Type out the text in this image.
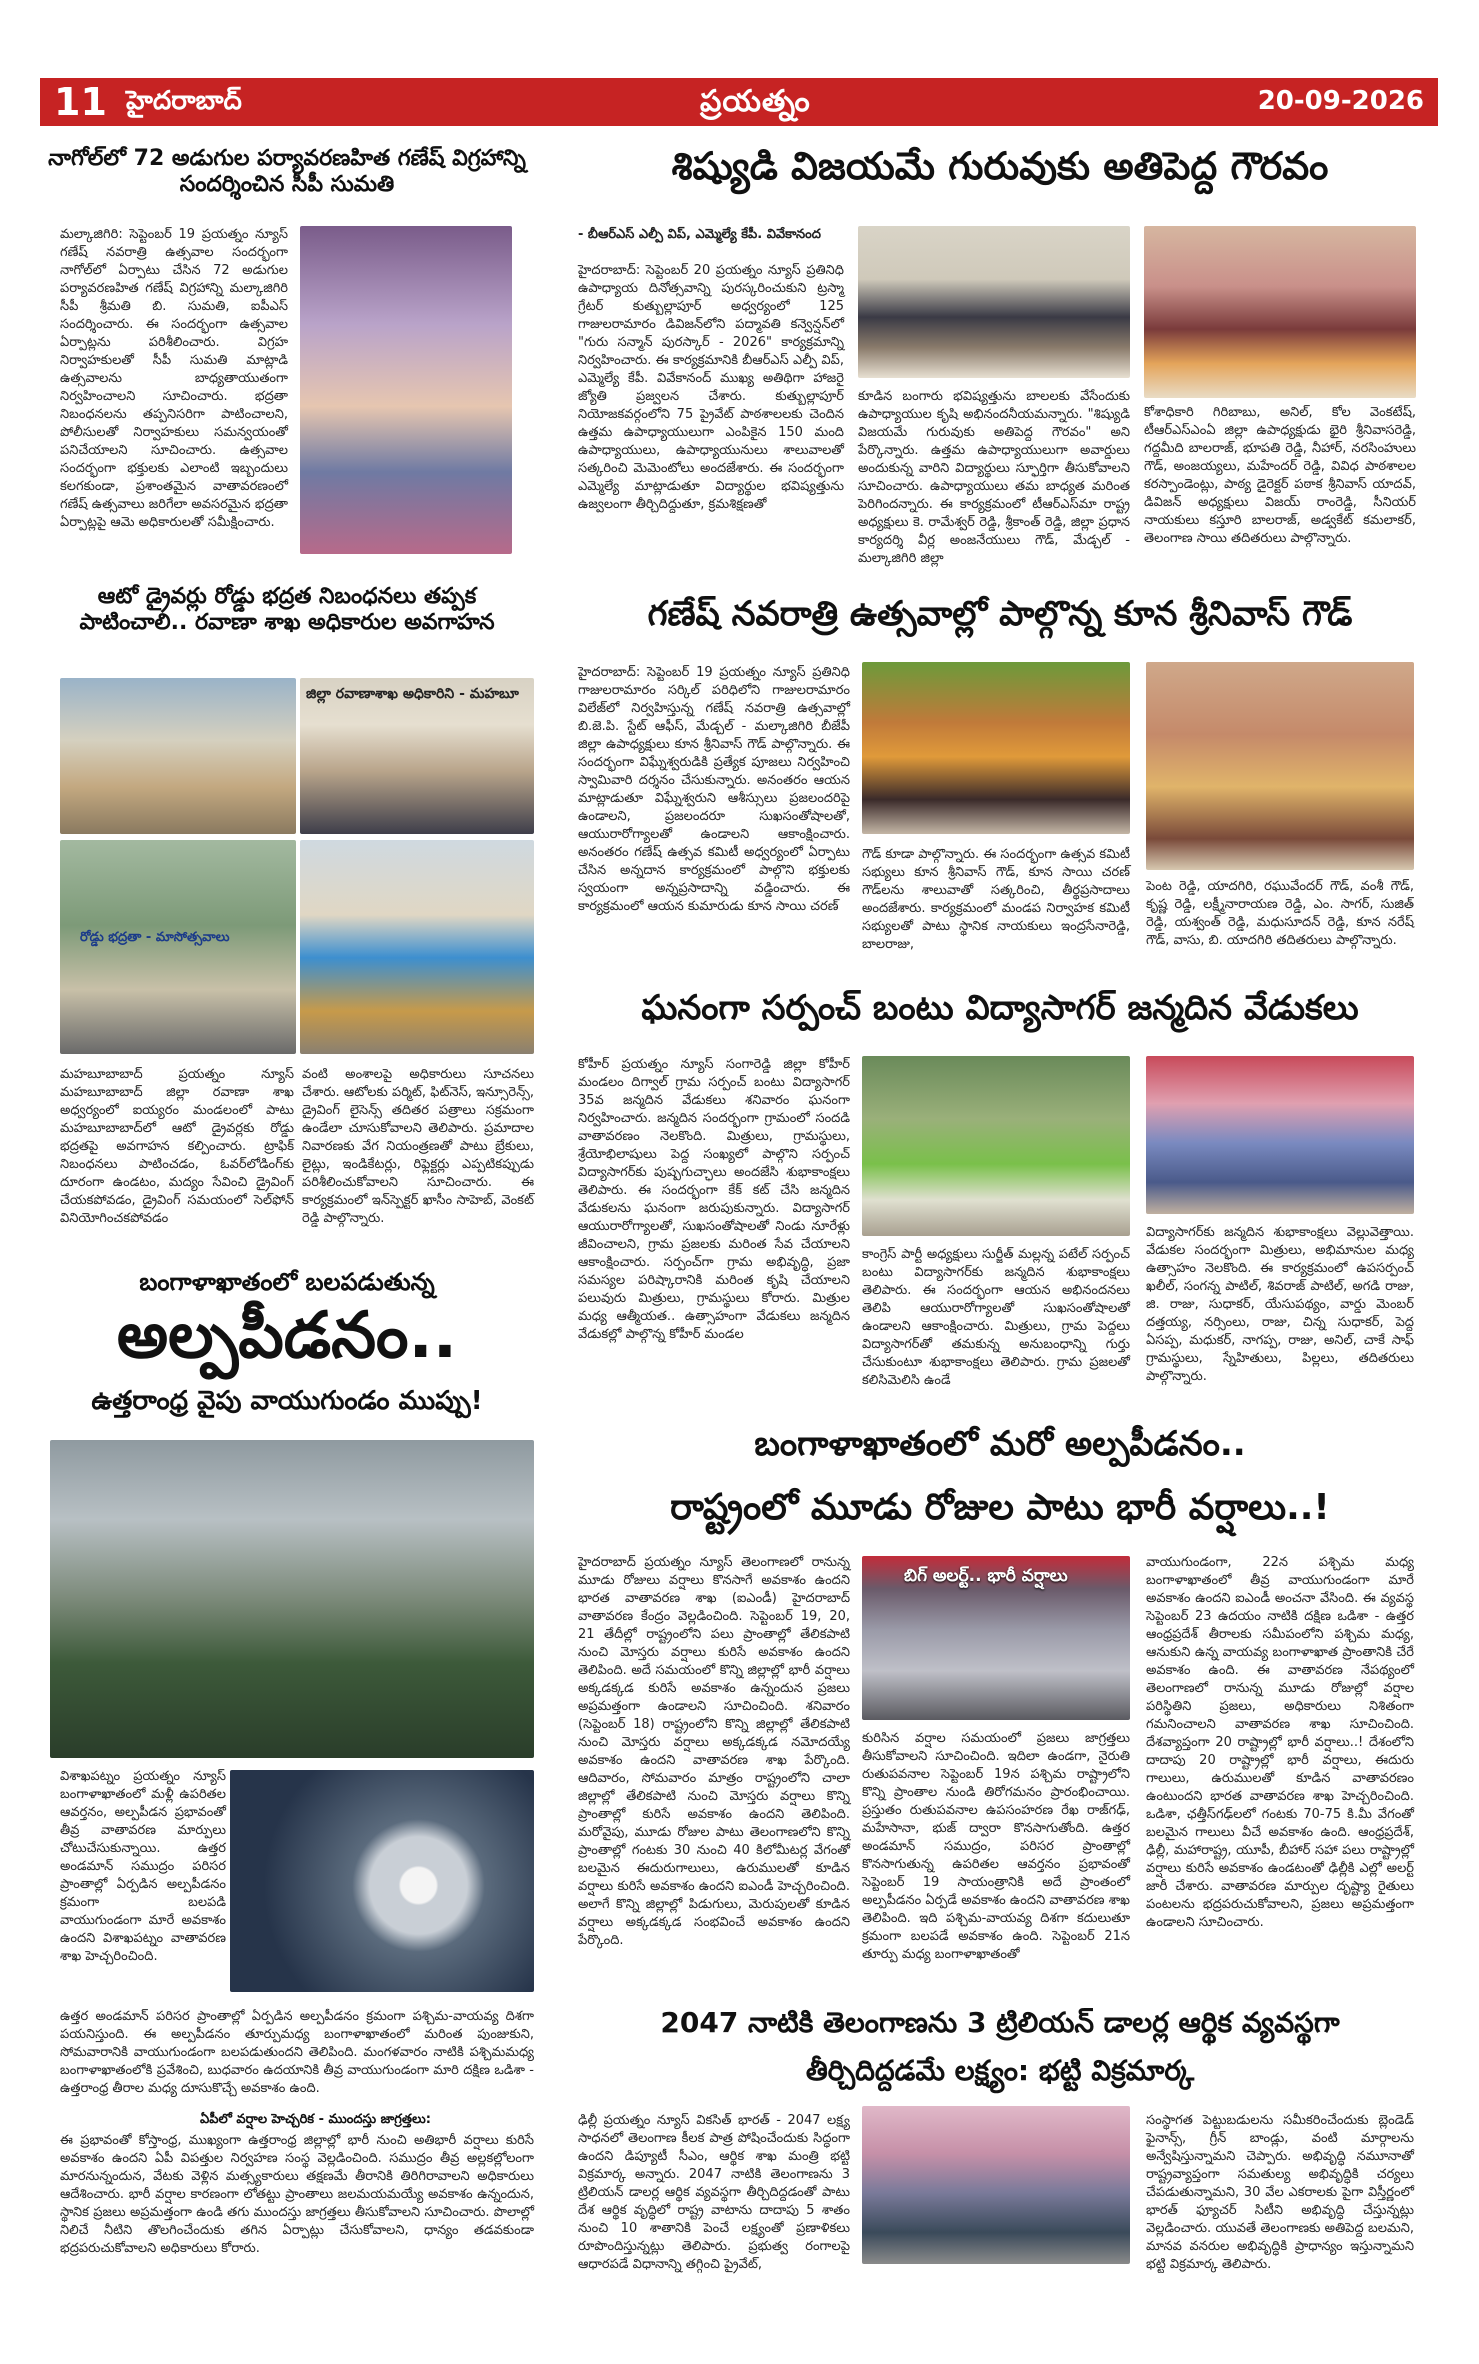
11 హైదరాబాద్	ప్రయత్నం	20-09-2026
నాగోల్‌లో 72 అడుగుల పర్యావరణహిత గణేష్ విగ్రహాన్ని సందర్శించిన సీపీ సుమతి
మల్కాజిగిరి: సెప్టెంబర్ 19 ప్రయత్నం న్యూస్ గణేష్ నవరాత్రి ఉత్సవాల సందర్భంగా నాగోల్‌లో ఏర్పాటు చేసిన 72 అడుగుల పర్యావరణహిత గణేష్ విగ్రహాన్ని మల్కాజిగిరి సీపీ శ్రీమతి బి. సుమతి, ఐపీఎస్ సందర్శించారు. ఈ సందర్భంగా ఉత్సవాల ఏర్పాట్లను పరిశీలించారు. విగ్రహ నిర్వాహకులతో సీపీ సుమతి మాట్లాడి ఉత్సవాలను బాధ్యతాయుతంగా నిర్వహించాలని సూచించారు. భద్రతా నిబంధనలను తప్పనిసరిగా పాటించాలని, పోలీసులతో నిర్వాహకులు సమన్వయంతో పనిచేయాలని సూచించారు. ఉత్సవాల సందర్భంగా భక్తులకు ఎలాంటి ఇబ్బందులు కలగకుండా, ప్రశాంతమైన వాతావరణంలో గణేష్ ఉత్సవాలు జరిగేలా అవసరమైన భద్రతా ఏర్పాట్లపై ఆమె అధికారులతో సమీక్షించారు.
శిష్యుడి విజయమే గురువుకు అతిపెద్ద గౌరవం
- బీఆర్ఎస్ ఎల్పీ విప్, ఎమ్మెల్యే కేపీ. వివేకానంద
హైదరాబాద్: సెప్టెంబర్ 20 ప్రయత్నం న్యూస్ ప్రతినిధి ఉపాధ్యాయ దినోత్సవాన్ని పురస్కరించుకుని ట్రస్మా గ్రేటర్ కుత్బుల్లాపూర్ అధ్వర్యంలో 125 గాజులరామారం డివిజన్‌లోని పద్మావతి కన్వెన్షన్‌లో "గురు సన్మాన్ పురస్కార్ - 2026" కార్యక్రమాన్ని నిర్వహించారు. ఈ కార్యక్రమానికి బీఆర్ఎస్ ఎల్పీ విప్, ఎమ్మెల్యే కేపీ. వివేకానంద్ ముఖ్య అతిథిగా హాజరై జ్యోతి ప్రజ్వలన చేశారు. కుత్బుల్లాపూర్ నియోజకవర్గంలోని 75 ప్రైవేట్ పాఠశాలలకు చెందిన ఉత్తమ ఉపాధ్యాయులుగా ఎంపికైన 150 మంది ఉపాధ్యాయులు, ఉపాధ్యాయునులు శాలువాలతో సత్కరించి మెమెంటోలు అందజేశారు. ఈ సందర్భంగా ఎమ్మెల్యే మాట్లాడుతూ విద్యార్థుల భవిష్యత్తును ఉజ్వలంగా తీర్చిదిద్దుతూ, క్రమశిక్షణతో
కూడిన బంగారు భవిష్యత్తును బాలలకు వేసేందుకు ఉపాధ్యాయుల కృషి అభినందనీయమన్నారు. "శిష్యుడి విజయమే గురువుకు అతిపెద్ద గౌరవం" అని పేర్కొన్నారు. ఉత్తమ ఉపాధ్యాయులుగా అవార్డులు అందుకున్న వారిని విద్యార్థులు స్ఫూర్తిగా తీసుకోవాలని సూచించారు. ఉపాధ్యాయులు తమ బాధ్యత మరింత పెరిగిందన్నారు. ఈ కార్యక్రమంలో టీఆర్‌ఎస్‌మా రాష్ట్ర అధ్యక్షులు కె. రామేశ్వర్ రెడ్డి, శ్రీకాంత్ రెడ్డి, జిల్లా ప్రధాన కార్యదర్శి వీర్ల అంజనేయులు గౌడ్, మేడ్చల్ - మల్కాజిగిరి జిల్లా
కోశాధికారి గిరిబాబు, అనిల్, కోల వెంకటేష్, టీఆర్‌ఎస్‌ఎంఏ జిల్లా ఉపాధ్యక్షుడు భైరి శ్రీనివాసరెడ్డి, గద్దమీది బాలరాజ్, భూపతి రెడ్డి, నీహార్, నరసింహులు గౌడ్, అంజయ్యలు, మహేందర్ రెడ్డి, వివిధ పాఠశాలల కరస్పాండెంట్లు, పాఠ్య డైరెక్టర్ పఠాక శ్రీనివాస్ యాదవ్, డివిజన్ అధ్యక్షులు విజయ్ రాంరెడ్డి, సీనియర్ నాయకులు కస్తూరి బాలరాజ్, అడ్వకేట్ కమలాకర్, తెలంగాణ సాయి తదితరులు పాల్గొన్నారు.
ఆటో డ్రైవర్లు రోడ్డు భద్రత నిబంధనలు తప్పక పాటించాలి.. రవాణా శాఖ అధికారుల అవగాహన
జిల్లా రవాణాశాఖ అధికారిని - మహబూ
రోడ్డు భద్రతా - మాసోత్సవాలు
మహబూబాబాద్ ప్రయత్నం న్యూస్ మహబూబాబాద్ జిల్లా రవాణా శాఖ అధ్వర్యంలో ఐయ్యరం మండలంలో పాటు మహబూబాబాద్‌లో ఆటో డ్రైవర్లకు రోడ్డు భద్రతపై అవగాహన కల్పించారు. ట్రాఫిక్ నిబంధనలు పాటించడం, ఓవర్‌లోడింగ్‌కు దూరంగా ఉండటం, మద్యం సేవించి డ్రైవింగ్ చేయకపోవడం, డ్రైవింగ్ సమయంలో సెల్‌ఫోన్ వినియోగించకపోవడం
వంటి అంశాలపై అధికారులు సూచనలు చేశారు. ఆటోలకు పర్మిట్, ఫిట్‌నెస్, ఇన్సూరెన్స్, డ్రైవింగ్ లైసెన్స్ తదితర పత్రాలు సక్రమంగా ఉండేలా చూసుకోవాలని తెలిపారు. ప్రమాదాల నివారణకు వేగ నియంత్రణతో పాటు బ్రేకులు, లైట్లు, ఇండికేటర్లు, రిఫ్లెక్టర్లు ఎప్పటికప్పుడు పరిశీలించుకోవాలని సూచించారు. ఈ కార్యక్రమంలో ఇన్‌స్పెక్టర్ ఖాసీం సాహెబ్, వెంకట్ రెడ్డి పాల్గొన్నారు.
గణేష్ నవరాత్రి ఉత్సవాల్లో పాల్గొన్న కూన శ్రీనివాస్ గౌడ్
హైదరాబాద్: సెప్టెంబర్ 19 ప్రయత్నం న్యూస్ ప్రతినిధి గాజులరామారం సర్కిల్ పరిధిలోని గాజులరామారం విలేజ్‌లో నిర్వహిస్తున్న గణేష్ నవరాత్రి ఉత్సవాల్లో బి.జె.పి. స్టేట్ ఆఫీస్, మేడ్చల్ - మల్కాజిగిరి బీజేపీ జిల్లా ఉపాధ్యక్షులు కూన శ్రీనివాస్ గౌడ్ పాల్గొన్నారు. ఈ సందర్భంగా విఘ్నేశ్వరుడికి ప్రత్యేక పూజలు నిర్వహించి స్వామివారి దర్శనం చేసుకున్నారు. అనంతరం ఆయన మాట్లాడుతూ విఘ్నేశ్వరుని ఆశీస్సులు ప్రజలందరిపై ఉండాలని, ప్రజలందరూ సుఖసంతోషాలతో, ఆయురారోగ్యాలతో ఉండాలని ఆకాంక్షించారు. అనంతరం గణేష్ ఉత్సవ కమిటీ అధ్వర్యంలో ఏర్పాటు చేసిన అన్నదాన కార్యక్రమంలో పాల్గొని భక్తులకు స్వయంగా అన్నప్రసాదాన్ని వడ్డించారు. ఈ కార్యక్రమంలో ఆయన కుమారుడు కూన సాయి చరణ్
గౌడ్ కూడా పాల్గొన్నారు. ఈ సందర్భంగా ఉత్సవ కమిటీ సభ్యులు కూన శ్రీనివాస్ గౌడ్, కూన సాయి చరణ్ గౌడ్‌లను శాలువాతో సత్కరించి, తీర్థప్రసాదాలు అందజేశారు. కార్యక్రమంలో మండప నిర్వాహక కమిటీ సభ్యులతో పాటు స్థానిక నాయకులు ఇంద్రసేనారెడ్డి, బాలరాజు,
పెంట రెడ్డి, యాదగిరి, రఘువేందర్ గౌడ్, వంశీ గౌడ్, కృష్ణ రెడ్డి, లక్ష్మీనారాయణ రెడ్డి, ఎం. సాగర్, సుజిత్ రెడ్డి, యశ్వంత్ రెడ్డి, మధుసూదన్ రెడ్డి, కూన నరేష్ గౌడ్, వాసు, బి. యాదగిరి తదితరులు పాల్గొన్నారు.
ఘనంగా సర్పంచ్ బంటు విద్యాసాగర్ జన్మదిన వేడుకలు
కోహీర్ ప్రయత్నం న్యూస్ సంగారెడ్డి జిల్లా కోహీర్ మండలం దిగ్వాల్ గ్రామ సర్పంచ్ బంటు విద్యాసాగర్ 35వ జన్మదిన వేడుకలు శనివారం ఘనంగా నిర్వహించారు. జన్మదిన సందర్భంగా గ్రామంలో సందడి వాతావరణం నెలకొంది. మిత్రులు, గ్రామస్థులు, శ్రేయోభిలాషులు పెద్ద సంఖ్యలో పాల్గొని సర్పంచ్ విద్యాసాగర్‌కు పుష్పగుచ్ఛాలు అందజేసి శుభాకాంక్షలు తెలిపారు. ఈ సందర్భంగా కేక్ కట్ చేసి జన్మదిన వేడుకలను ఘనంగా జరుపుకున్నారు. విద్యాసాగర్ ఆయురారోగ్యాలతో, సుఖసంతోషాలతో నిండు నూరేళ్లు జీవించాలని, గ్రామ ప్రజలకు మరింత సేవ చేయాలని ఆకాంక్షించారు. సర్పంచ్‌గా గ్రామ అభివృద్ధి, ప్రజా సమస్యల పరిష్కారానికి మరింత కృషి చేయాలని పలువురు మిత్రులు, గ్రామస్థులు కోరారు. మిత్రుల మధ్య ఆత్మీయత.. ఉత్సాహంగా వేడుకలు జన్మదిన వేడుకల్లో పాల్గొన్న కోహీర్ మండల
కాంగ్రెస్ పార్టీ అధ్యక్షులు సుర్జీత్ మల్లన్న పటేల్ సర్పంచ్ బంటు విద్యాసాగర్‌కు జన్మదిన శుభాకాంక్షలు తెలిపారు. ఈ సందర్భంగా ఆయన అభినందనలు తెలిపి ఆయురారోగ్యాలతో సుఖసంతోషాలతో ఉండాలని ఆకాంక్షించారు. మిత్రులు, గ్రామ పెద్దలు విద్యాసాగర్‌తో తమకున్న అనుబంధాన్ని గుర్తు చేసుకుంటూ శుభాకాంక్షలు తెలిపారు. గ్రామ ప్రజలతో కలిసిమెలిసి ఉండే
విద్యాసాగర్‌కు జన్మదిన శుభాకాంక్షలు వెల్లువెత్తాయి. వేడుకల సందర్భంగా మిత్రులు, అభిమానుల మధ్య ఉత్సాహం నెలకొంది. ఈ కార్యక్రమంలో ఉపసర్పంచ్ ఖలీల్, సంగన్న పాటిల్, శివరాజ్ పాటిల్, అగడి రాజు, జి. రాజు, సుధాకర్, యేసుపథ్యం, వార్డు మెంబర్ దత్తయ్య, నర్సింలు, రాజు, చిన్న సుధాకర్, పెద్ద ఏసప్ప, మధుకర్, నాగప్ప, రాజు, అనిల్, చాకే సాఫ్ గ్రామస్థులు, స్నేహితులు, పిల్లలు, తదితరులు పాల్గొన్నారు.
బంగాళాఖాతంలో బలపడుతున్న
అల్పపీడనం..
ఉత్తరాంధ్ర వైపు వాయుగుండం ముప్పు!
విశాఖపట్నం ప్రయత్నం న్యూస్ బంగాళాఖాతంలో మళ్లీ ఉపరితల ఆవర్తనం, అల్పపీడన ప్రభావంతో తీవ్ర వాతావరణ మార్పులు చోటుచేసుకున్నాయి. ఉత్తర అండమాన్ సముద్రం పరిసర ప్రాంతాల్లో ఏర్పడిన అల్పపీడనం క్రమంగా బలపడి వాయుగుండంగా మారే అవకాశం ఉందని విశాఖపట్నం వాతావరణ శాఖ హెచ్చరించింది.
ఉత్తర అండమాన్ పరిసర ప్రాంతాల్లో ఏర్పడిన అల్పపీడనం క్రమంగా పశ్చిమ-వాయవ్య దిశగా పయనిస్తుంది. ఈ అల్పపీడనం తూర్పుమధ్య బంగాళాఖాతంలో మరింత పుంజుకుని, సోమవారానికి వాయుగుండంగా బలపడుతుందని తెలిపింది. మంగళవారం నాటికి పశ్చిమమధ్య బంగాళాఖాతంలోకి ప్రవేశించి, బుధవారం ఉదయానికి తీవ్ర వాయుగుండంగా మారి దక్షిణ ఒడిశా - ఉత్తరాంధ్ర తీరాల మధ్య దూసుకొచ్చే అవకాశం ఉంది.
ఏపీలో వర్షాల హెచ్చరిక - ముందస్తు జాగ్రత్తలు:
ఈ ప్రభావంతో కోస్తాంధ్ర, ముఖ్యంగా ఉత్తరాంధ్ర జిల్లాల్లో భారీ నుంచి అతిభారీ వర్షాలు కురిసే అవకాశం ఉందని ఏపీ విపత్తుల నిర్వహణ సంస్థ వెల్లడించింది. సముద్రం తీవ్ర అల్లకల్లోలంగా మారనున్నందున, వేటకు వెళ్లిన మత్స్యకారులు తక్షణమే తీరానికి తిరిగిరావాలని అధికారులు ఆదేశించారు. భారీ వర్షాల కారణంగా లోతట్టు ప్రాంతాలు జలమయమయ్యే అవకాశం ఉన్నందున, స్థానిక ప్రజలు అప్రమత్తంగా ఉండి తగు ముందస్తు జాగ్రత్తలు తీసుకోవాలని సూచించారు. పొలాల్లో నిలిచే నీటిని తొలగించేందుకు తగిన ఏర్పాట్లు చేసుకోవాలని, ధాన్యం తడవకుండా భద్రపరుచుకోవాలని అధికారులు కోరారు.
బంగాళాఖాతంలో మరో అల్పపీడనం..
రాష్ట్రంలో మూడు రోజుల పాటు భారీ వర్షాలు..!
హైదరాబాద్ ప్రయత్నం న్యూస్ తెలంగాణలో రానున్న మూడు రోజులు వర్షాలు కొనసాగే అవకాశం ఉందని భారత వాతావరణ శాఖ (ఐఎండీ) హైదరాబాద్ వాతావరణ కేంద్రం వెల్లడించింది. సెప్టెంబర్ 19, 20, 21 తేదీల్లో రాష్ట్రంలోని పలు ప్రాంతాల్లో తేలికపాటి నుంచి మోస్తరు వర్షాలు కురిసే అవకాశం ఉందని తెలిపింది. అదే సమయంలో కొన్ని జిల్లాల్లో భారీ వర్షాలు అక్కడక్కడ కురిసే అవకాశం ఉన్నందున ప్రజలు అప్రమత్తంగా ఉండాలని సూచించింది. శనివారం (సెప్టెంబర్ 18) రాష్ట్రంలోని కొన్ని జిల్లాల్లో తేలికపాటి నుంచి మోస్తరు వర్షాలు అక్కడక్కడ నమోదయ్యే అవకాశం ఉందని వాతావరణ శాఖ పేర్కొంది. ఆదివారం, సోమవారం మాత్రం రాష్ట్రంలోని చాలా జిల్లాల్లో తేలికపాటి నుంచి మోస్తరు వర్షాలు కొన్ని ప్రాంతాల్లో కురిసే అవకాశం ఉందని తెలిపింది. మరోవైపు, మూడు రోజుల పాటు తెలంగాణలోని కొన్ని ప్రాంతాల్లో గంటకు 30 నుంచి 40 కిలోమీటర్ల వేగంతో బలమైన ఈదురుగాలులు, ఉరుములతో కూడిన వర్షాలు కురిసే అవకాశం ఉందని ఐఎండీ హెచ్చరించింది. అలాగే కొన్ని జిల్లాల్లో పిడుగులు, మెరుపులతో కూడిన వర్షాలు అక్కడక్కడ సంభవించే అవకాశం ఉందని పేర్కొంది.
బిగ్ అలర్ట్.. భారీ వర్షాలు
కురిసిన వర్షాల సమయంలో ప్రజలు జాగ్రత్తలు తీసుకోవాలని సూచించింది. ఇదిలా ఉండగా, నైరుతి రుతుపవనాల సెప్టెంబర్ 19న పశ్చిమ రాష్ట్రాలోని కొన్ని ప్రాంతాల నుండి తిరోగమనం ప్రారంభించాయి. ప్రస్తుతం రుతుపవనాల ఉపసంహరణ రేఖ రాజ్‌గఢ్, మహేసానా, భుజ్‌ ద్వారా కొనసాగుతోంది. ఉత్తర అండమాన్ సముద్రం, పరిసర ప్రాంతాల్లో కొనసాగుతున్న ఉపరితల ఆవర్తనం ప్రభావంతో సెప్టెంబర్ 19 సాయంత్రానికి అదే ప్రాంతంలో అల్పపీడనం ఏర్పడే అవకాశం ఉందని వాతావరణ శాఖ తెలిపింది. ఇది పశ్చిమ-వాయవ్య దిశగా కదులుతూ క్రమంగా బలపడే అవకాశం ఉంది. సెప్టెంబర్ 21న తూర్పు మధ్య బంగాళాఖాతంతో
వాయుగుండంగా, 22న పశ్చిమ మధ్య బంగాళాఖాతంలో తీవ్ర వాయుగుండంగా మారే అవకాశం ఉందని ఐఎండీ అంచనా వేసింది. ఈ వ్యవస్థ సెప్టెంబర్ 23 ఉదయం నాటికి దక్షిణ ఒడిశా - ఉత్తర ఆంధ్రప్రదేశ్ తీరాలకు సమీపంలోని పశ్చిమ మధ్య, ఆనుకుని ఉన్న వాయవ్య బంగాళాఖాత ప్రాంతానికి చేరే అవకాశం ఉంది. ఈ వాతావరణ నేపథ్యంలో తెలంగాణలో రానున్న మూడు రోజుల్లో వర్షాల పరిస్థితిని ప్రజలు, అధికారులు నిశితంగా గమనించాలని వాతావరణ శాఖ సూచించింది. దేశవ్యాప్తంగా 20 రాష్ట్రాల్లో భారీ వర్షాలు..! దేశంలోని దాదాపు 20 రాష్ట్రాల్లో భారీ వర్షాలు, ఈదురు గాలులు, ఉరుములతో కూడిన వాతావరణం ఉంటుందని భారత వాతావరణ శాఖ హెచ్చరించింది. ఒడిశా, ఛత్తీస్‌గఢ్‌లలో గంటకు 70-75 కి.మీ వేగంతో బలమైన గాలులు వీచే అవకాశం ఉంది. ఆంధ్రప్రదేశ్, ఢిల్లీ, మహారాష్ట్ర, యూపీ, బీహార్ సహా పలు రాష్ట్రాల్లో వర్షాలు కురిసే అవకాశం ఉండటంతో ఢిల్లీకి ఎల్లో అలర్ట్ జారీ చేశారు. వాతావరణ మార్పుల దృష్ట్యా రైతులు పంటలను భద్రపరుచుకోవాలని, ప్రజలు అప్రమత్తంగా ఉండాలని సూచించారు.
2047 నాటికి తెలంగాణను 3 ట్రిలియన్ డాలర్ల ఆర్థిక వ్యవస్థగా
తీర్చిదిద్దడమే లక్ష్యం: భట్టి విక్రమార్క
ఢిల్లీ ప్రయత్నం న్యూస్ వికసిత్ భారత్ - 2047 లక్ష్య సాధనలో తెలంగాణ కీలక పాత్ర పోషించేందుకు సిద్ధంగా ఉందని డిప్యూటీ సీఎం, ఆర్థిక శాఖ మంత్రి భట్టి విక్రమార్క అన్నారు. 2047 నాటికి తెలంగాణను 3 ట్రిలియన్ డాలర్ల ఆర్థిక వ్యవస్థగా తీర్చిదిద్దడంతో పాటు దేశ ఆర్థిక వృద్ధిలో రాష్ట్ర వాటాను దాదాపు 5 శాతం నుంచి 10 శాతానికి పెంచే లక్ష్యంతో ప్రణాళికలు రూపొందిస్తున్నట్లు తెలిపారు. ప్రభుత్వ రంగాలపై ఆధారపడే విధానాన్ని తగ్గించి ప్రైవేట్,
సంస్థాగత పెట్టుబడులను సమీకరించేందుకు బ్లెండెడ్ ఫైనాన్స్, గ్రీన్ బాండ్లు, వంటి మార్గాలను అన్వేషిస్తున్నామని చెప్పారు. అభివృద్ధి నమూనాతో రాష్ట్రవ్యాప్తంగా సమతుల్య అభివృద్ధికి చర్యలు చేపడుతున్నామని, 30 వేల ఎకరాలకు పైగా విస్తీర్ణంలో భారత్ ఫ్యూచర్ సిటీని అభివృద్ధి చేస్తున్నట్లు వెల్లడించారు. యువతే తెలంగాణకు అతిపెద్ద బలమని, మానవ వనరుల అభివృద్ధికి ప్రాధాన్యం ఇస్తున్నామని భట్టి విక్రమార్క తెలిపారు.
